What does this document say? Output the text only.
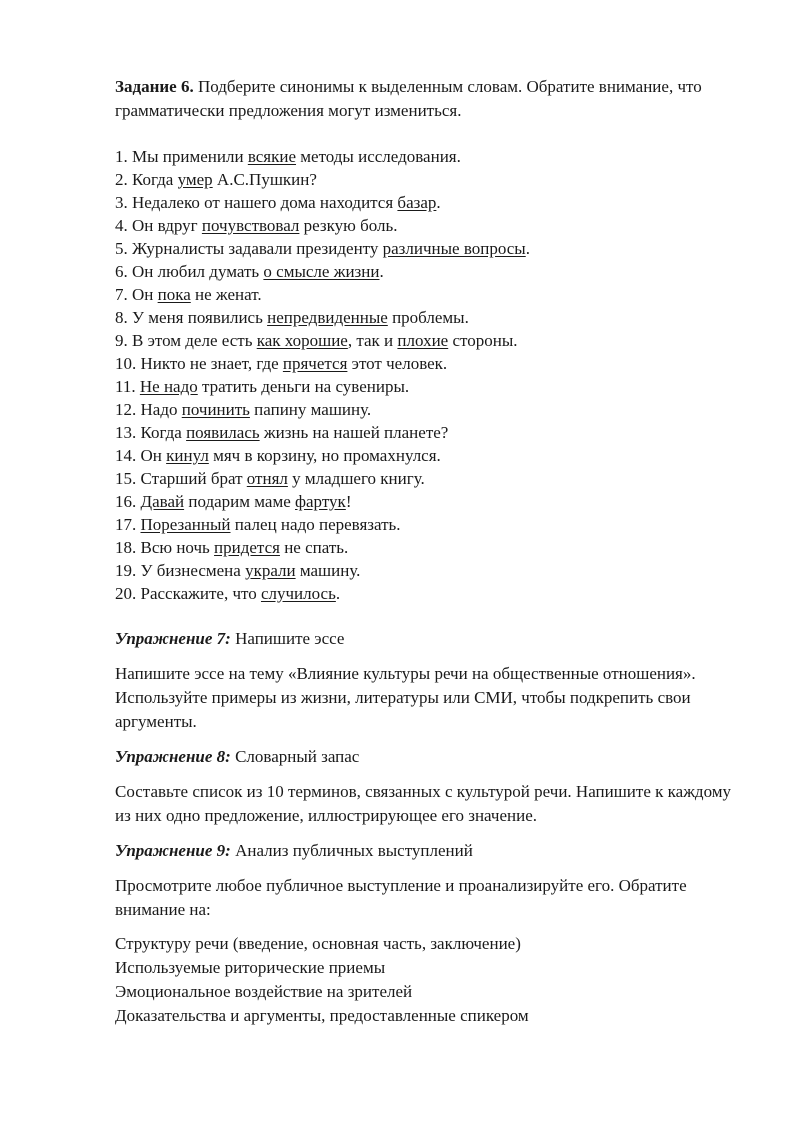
Задание 6. Подберите синонимы к выделенным словам. Обратите внимание, что грамматически предложения могут измениться.

1. Мы применили всякие методы исследования.
2. Когда умер А.С.Пушкин?
3. Недалеко от нашего дома находится базар.
4. Он вдруг почувствовал резкую боль.
5. Журналисты задавали президенту различные вопросы.
6. Он любил думать о смысле жизни.
7. Он пока не женат.
8. У меня появились непредвиденные проблемы.
9. В этом деле есть как хорошие, так и плохие стороны.
10. Никто не знает, где прячется этот человек.
11. Не надо тратить деньги на сувениры.
12. Надо починить папину машину.
13. Когда появилась жизнь на нашей планете?
14. Он кинул мяч в корзину, но промахнулся.
15. Старший брат отнял у младшего книгу.
16. Давай подарим маме фартук!
17. Порезанный палец надо перевязать.
18. Всю ночь придется не спать.
19. У бизнесмена украли машину.
20. Расскажите, что случилось.

Упражнение 7: Напишите эссе

Напишите эссе на тему «Влияние культуры речи на общественные отношения». Используйте примеры из жизни, литературы или СМИ, чтобы подкрепить свои аргументы.

Упражнение 8: Словарный запас

Составьте список из 10 терминов, связанных с культурой речи. Напишите к каждому из них одно предложение, иллюстрирующее его значение.

Упражнение 9: Анализ публичных выступлений

Просмотрите любое публичное выступление и проанализируйте его. Обратите внимание на:

Структуру речи (введение, основная часть, заключение)
Используемые риторические приемы
Эмоциональное воздействие на зрителей
Доказательства и аргументы, предоставленные спикером
